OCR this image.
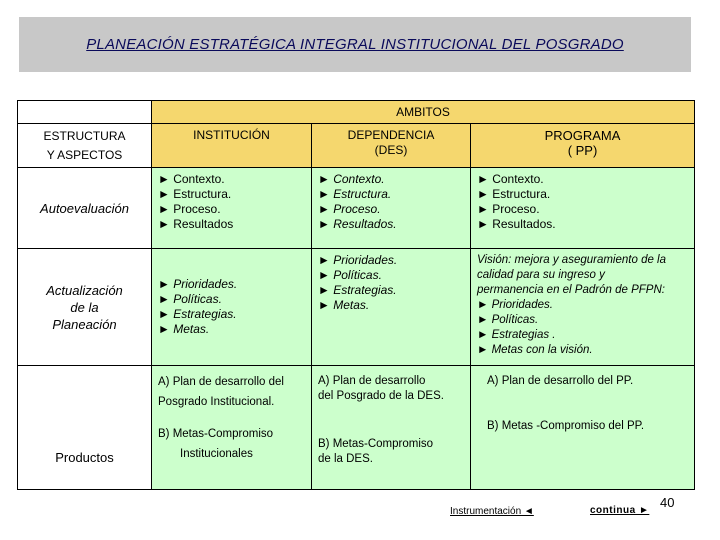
PLANEACIÓN ESTRATÉGICA INTEGRAL INSTITUCIONAL DEL POSGRADO
AMBITOS
ESTRUCTURA
Y ASPECTOS
INSTITUCIÓN	DEPENDENCIA
(DES)
PROGRAMA
( PP)
Autoevaluación
► Contexto.
► Estructura.
► Proceso.
► Resultados
► Contexto.
► Estructura.
► Proceso.
► Resultados.
► Contexto.
► Estructura.
► Proceso.
► Resultados.
Actualización
de la
Planeación
► Prioridades.
► Políticas.
► Estrategias.
► Metas.
► Prioridades.
► Políticas.
► Estrategias.
► Metas.
Visión: mejora y aseguramiento de la
calidad para su ingreso y
permanencia en el Padrón de PFPN:
► Prioridades.
► Políticas.
► Estrategias .
► Metas con la visión.
Productos
A) Plan de desarrollo del
Posgrado Institucional.
B) Metas-Compromiso
Institucionales
A) Plan de desarrollo
del Posgrado de la DES.
B) Metas-Compromiso
de la DES.
A) Plan de desarrollo del PP.
B) Metas -Compromiso del PP.
Instrumentación ◄	continua ►
40
